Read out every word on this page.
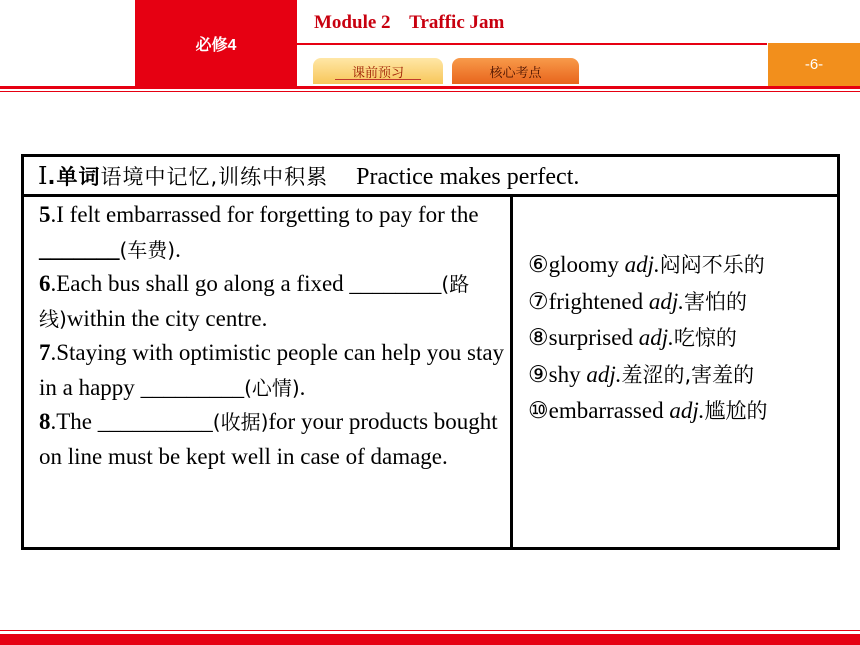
必修4
Module 2    Traffic Jam
课前预习	核心考点	-6-
Ⅰ.单词语境中记忆,训练中积累 Practice makes perfect.

5.I felt embarrassed for forgetting to pay for the _______(车费).

6.Each bus shall go along a fixed ________(路线)within the city centre.

7.Staying with optimistic people can help you stay in a happy _________(心情).

8.The __________(收据)for your products bought on line must be kept well in case of damage.

⑥gloomy adj.闷闷不乐的

⑦frightened adj.害怕的

⑧surprised adj.吃惊的

⑨shy adj.羞涩的,害羞的

⑩embarrassed adj.尴尬的
